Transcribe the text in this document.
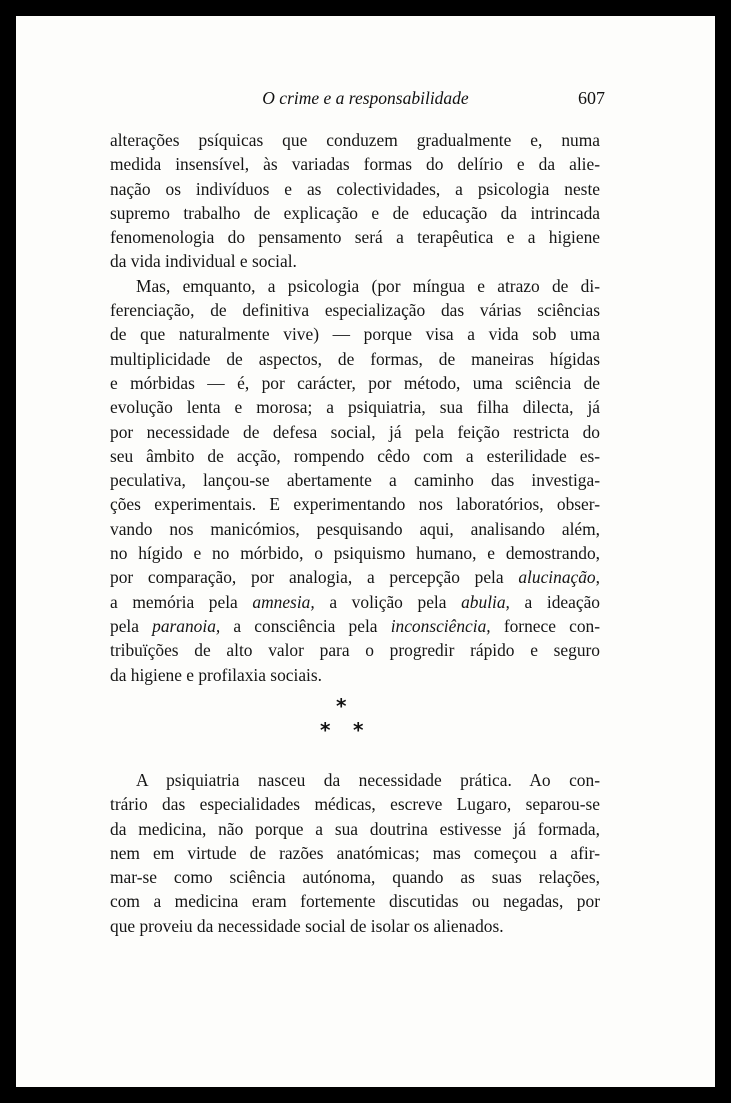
O crime e a responsabilidade	607

alterações psíquicas que conduzem gradualmente e, numa
medida insensível, às variadas formas do delírio e da alie-
nação os indivíduos e as colectividades, a psicologia neste
supremo trabalho de explicação e de educação da intrincada
fenomenologia do pensamento será a terapêutica e a higiene
da vida individual e social.

Mas, emquanto, a psicologia (por míngua e atrazo de di-
ferenciação, de definitiva especialização das várias sciências
de que naturalmente vive) — porque visa a vida sob uma
multiplicidade de aspectos, de formas, de maneiras hígidas
e mórbidas — é, por carácter, por método, uma sciência de
evolução lenta e morosa; a psiquiatria, sua filha dilecta, já
por necessidade de defesa social, já pela feição restricta do
seu âmbito de acção, rompendo cêdo com a esterilidade es-
peculativa, lançou-se abertamente a caminho das investiga-
ções experimentais. E experimentando nos laboratórios, obser-
vando nos manicómios, pesquisando aqui, analisando além,
no hígido e no mórbido, o psiquismo humano, e demostrando,
por comparação, por analogia, a percepção pela alucinação,
a memória pela amnesia, a volição pela abulia, a ideação
pela paranoia, a consciência pela inconsciência, fornece con-
tribuïções de alto valor para o progredir rápido e seguro
da higiene e profilaxia sociais.

*
* *

A psiquiatria nasceu da necessidade prática. Ao con-
trário das especialidades médicas, escreve Lugaro, separou-se
da medicina, não porque a sua doutrina estivesse já formada,
nem em virtude de razões anatómicas; mas começou a afir-
mar-se como sciência autónoma, quando as suas relações,
com a medicina eram fortemente discutidas ou negadas, por
que proveiu da necessidade social de isolar os alienados.
